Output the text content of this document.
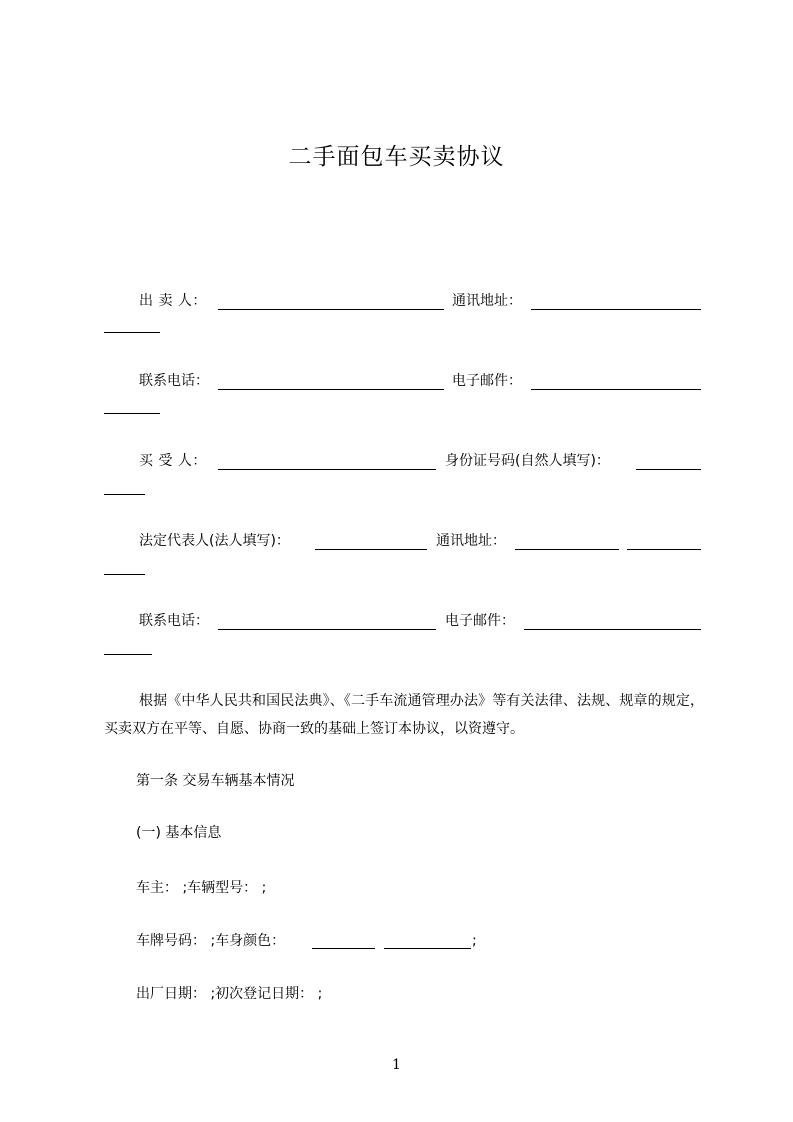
二手面包车买卖协议
出 卖 人：	通讯地址：
联系电话：	电子邮件：
买 受 人：	身份证号码(自然人填写)：
法定代表人(法人填写)：	通讯地址：
联系电话：	电子邮件：
根据《中华人民共和国民法典》、《二手车流通管理办法》等有关法律、法规、规章的规定，买卖双方在平等、自愿、协商一致的基础上签订本协议，以资遵守。
第一条 交易车辆基本情况
(一) 基本信息
车主： ;车辆型号： ;
车牌号码： ;车身颜色：	;
出厂日期： ;初次登记日期： ;
1
